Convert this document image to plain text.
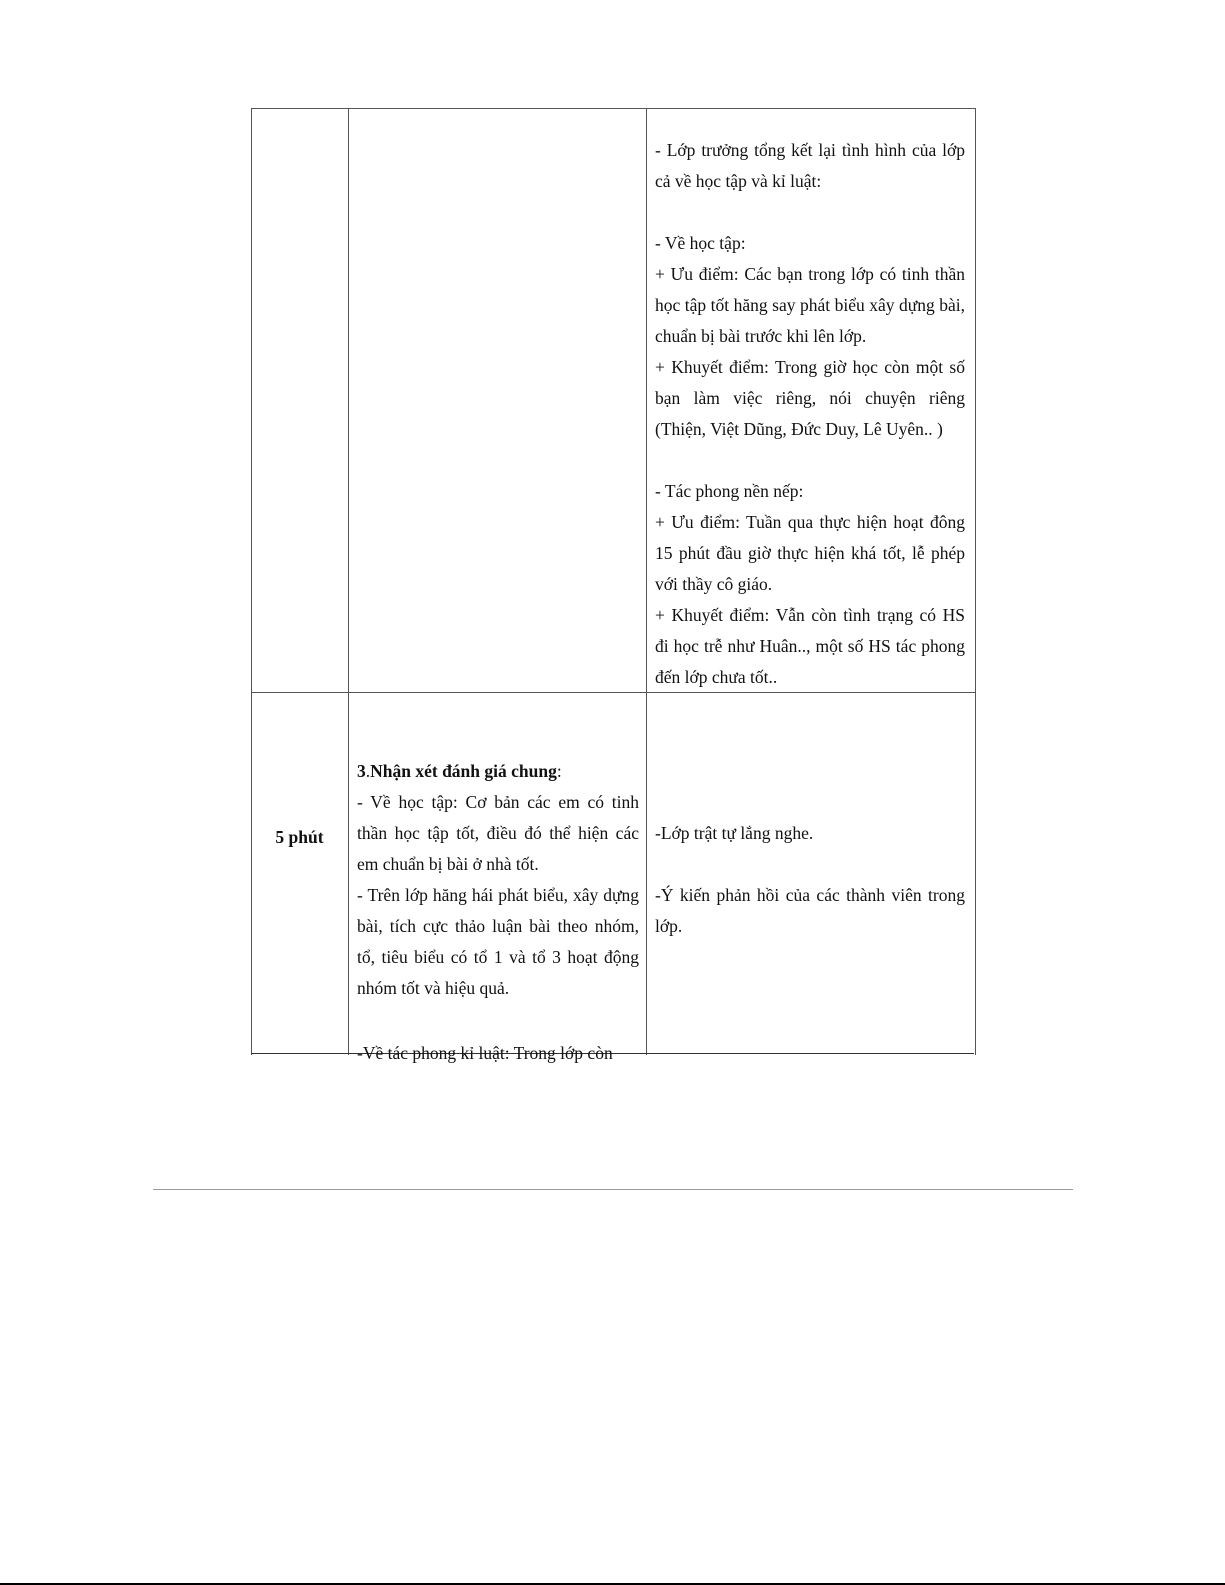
- Lớp trưởng tổng kết lại tình hình của lớp cả về học tập và kỉ luật:

- Về học tập:

+ Ưu điểm: Các bạn trong lớp có tinh thần học tập tốt hăng say phát biểu xây dựng bài, chuẩn bị bài trước khi lên lớp.

+ Khuyết điểm: Trong giờ học còn một số bạn làm việc riêng, nói chuyện riêng (Thiện, Việt Dũng, Đức Duy, Lê Uyên.. )

- Tác phong nền nếp:

+ Ưu điểm: Tuần qua thực hiện hoạt đông 15 phút đầu giờ thực hiện khá tốt, lễ phép với thầy cô giáo.

+ Khuyết điểm: Vẫn còn tình trạng có HS đi học trễ như Huân.., một số HS tác phong đến lớp chưa tốt..

5 phút

3.Nhận xét đánh giá chung:

- Về học tập: Cơ bản các em có tinh thần học tập tốt, điều đó thể hiện các em chuẩn bị bài ở nhà tốt.

- Trên lớp hăng hái phát biểu, xây dựng bài, tích cực thảo luận bài theo nhóm, tổ, tiêu biểu có tổ 1 và tổ 3 hoạt động nhóm tốt và hiệu quả.

-Về tác phong kỉ luật: Trong lớp còn

-Lớp trật tự lắng nghe.

-Ý kiến phản hồi của các thành viên trong lớp.
